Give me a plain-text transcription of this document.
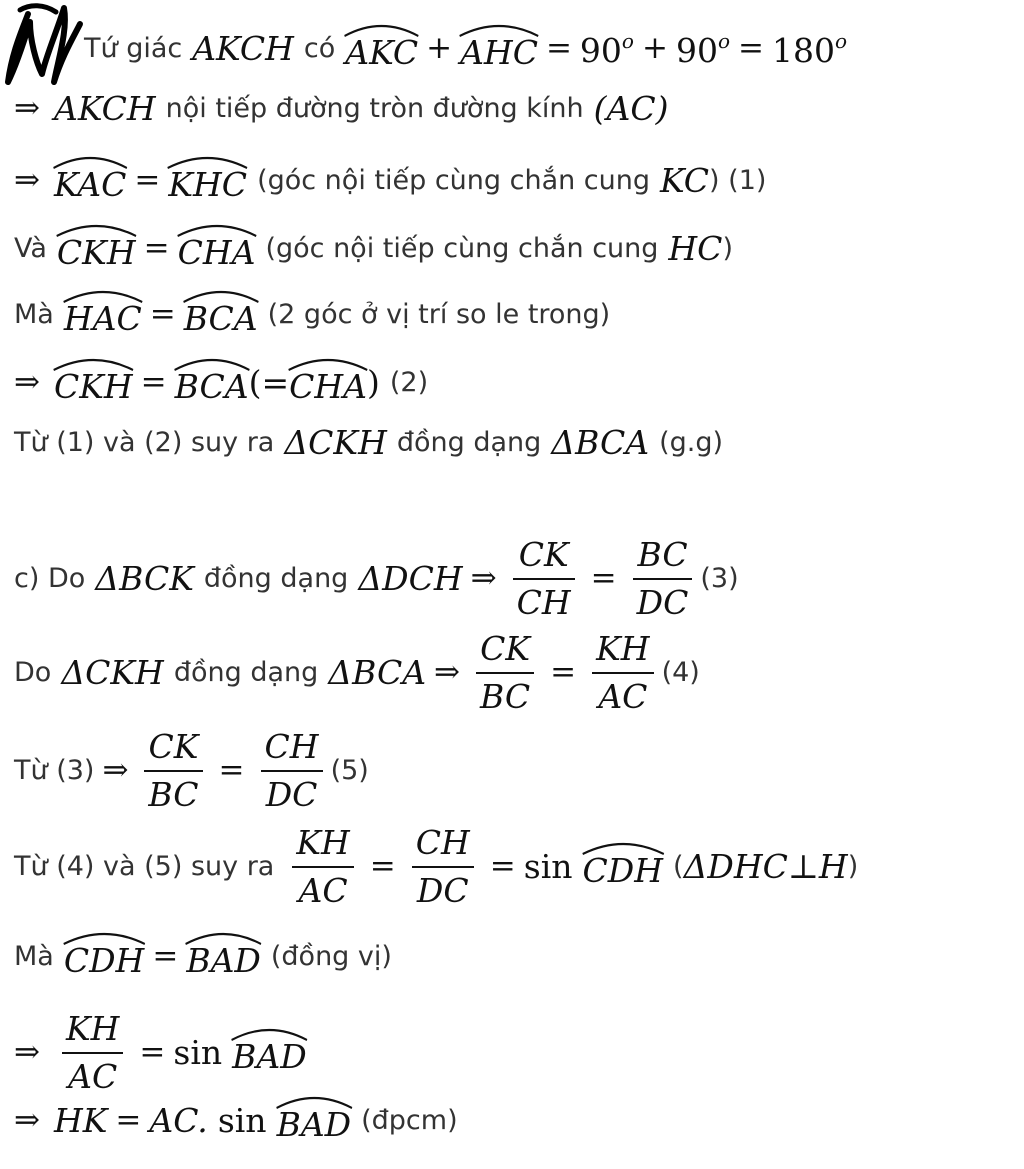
Tứ giác AKCH có AKC + AHC = $90^o + 90^o = 180^o$
⇒ AKCH nội tiếp đường tròn đường kính (AC)
⇒ KAC = KHC (góc nội tiếp cùng chắn cung KC ) (1)
Và CKH = CHA (góc nội tiếp cùng chắn cung HC )
Mà HAC = BCA (2 góc ở vị trí so le trong)
⇒ CKH = BCA (= CHA ) (2)
Từ (1) và (2) suy ra ΔCKH đồng dạng ΔBCA (g.g)
c) Do ΔBCK đồng dạng ΔDCH ⇒ $\frac{CK}{CH} = \frac{BC}{DC} (3)$
Do ΔCKH đồng dạng ΔBCA ⇒ $\frac{CK}{BC} = \frac{KH}{AC} (4)$
Từ (3) ⇒ $\frac{CK}{BC} = \frac{CH}{DC} (5)$
Từ (4) và (5) suy ra $\frac{KH}{AC} = \frac{CH}{DC} = \sin$ CDH ( ΔDHC⊥H )
Mà CDH = BAD (đồng vị)
⇒ $\frac{KH}{AC} = \sin$ BAD
⇒ HK = AC. sin BAD (đpcm)
